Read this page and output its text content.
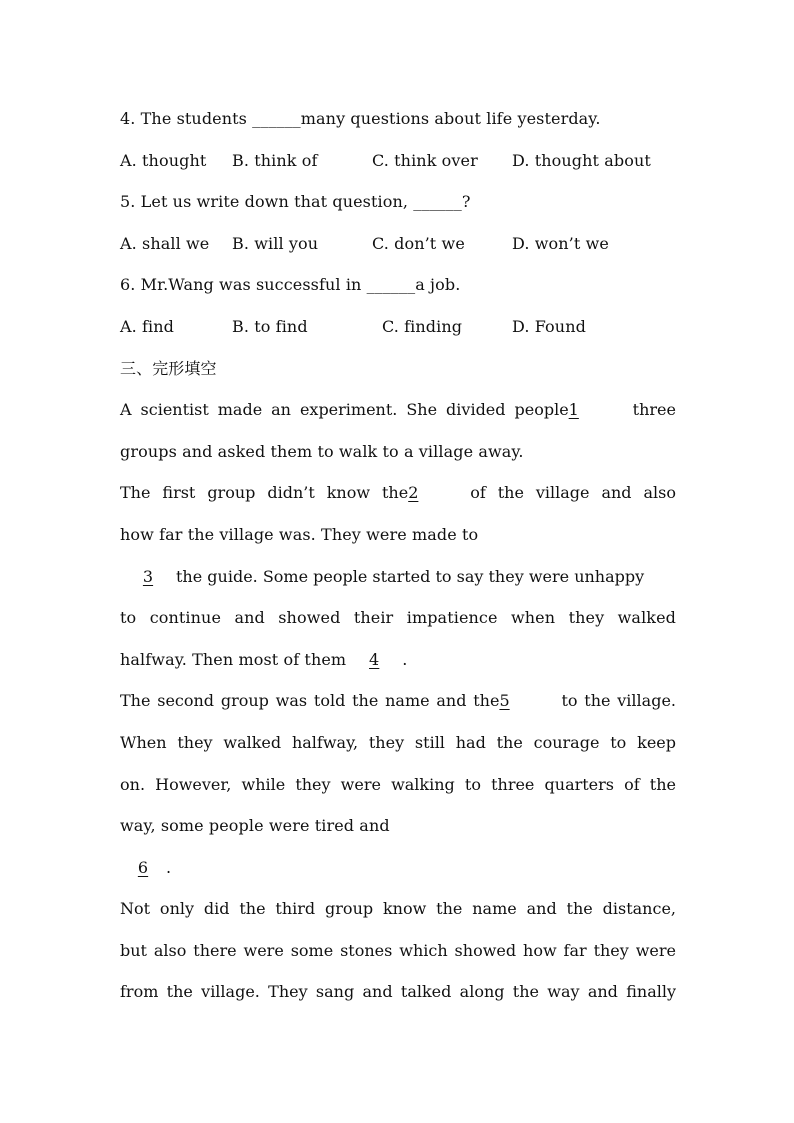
4. The students ______many questions about life yesterday.
A. thought	B. think of	C. think over	D. thought about
5. Let us write down that question, ______?
A. shall we	B. will you	C. don’t we	D. won’t we
6. Mr.Wang was successful in ______a job.
A. find	B. to find	C. finding	D. Found
三、完形填空
A scientist made an experiment. She divided people1	three
groups and asked them to walk to a village away.
The first group didn’t know the2	of the village and also
how far the village was. They were made to
3 the guide. Some people started to say they were unhappy
to continue and showed their impatience when they walked
halfway. Then most of them 4 .
The second group was told the name and the5	to the village.
When they walked halfway, they still had the courage to keep
on. However, while they were walking to three quarters of the
way, some people were tired and
6 .
Not only did the third group know the name and the distance,
but also there were some stones which showed how far they were
from the village. They sang and talked along the way and finally
